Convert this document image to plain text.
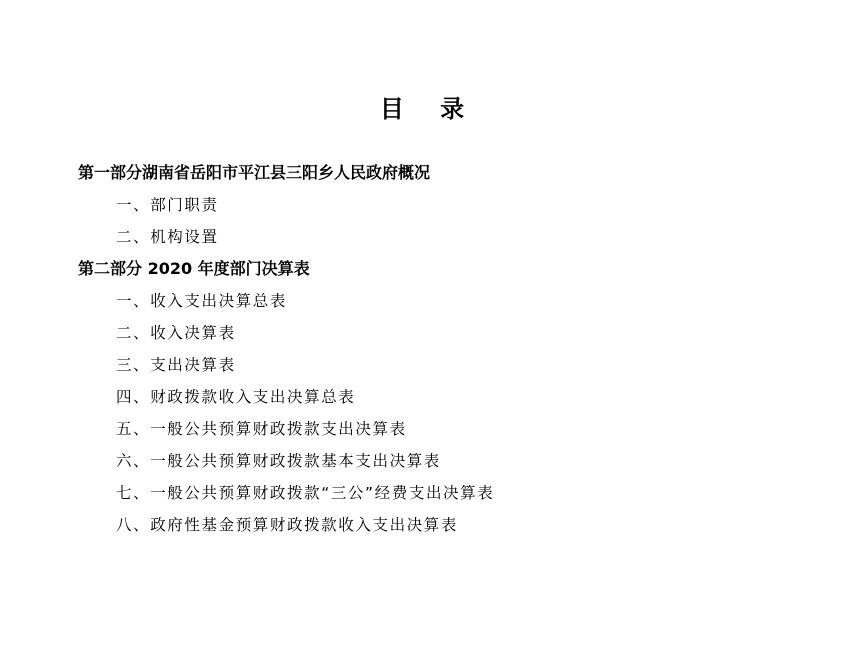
目 录
第一部分湖南省岳阳市平江县三阳乡人民政府概况
一、部门职责
二、机构设置
第二部分 2020 年度部门决算表
一、收入支出决算总表
二、收入决算表
三、支出决算表
四、财政拨款收入支出决算总表
五、一般公共预算财政拨款支出决算表
六、一般公共预算财政拨款基本支出决算表
七、一般公共预算财政拨款“三公”经费支出决算表
八、政府性基金预算财政拨款收入支出决算表
